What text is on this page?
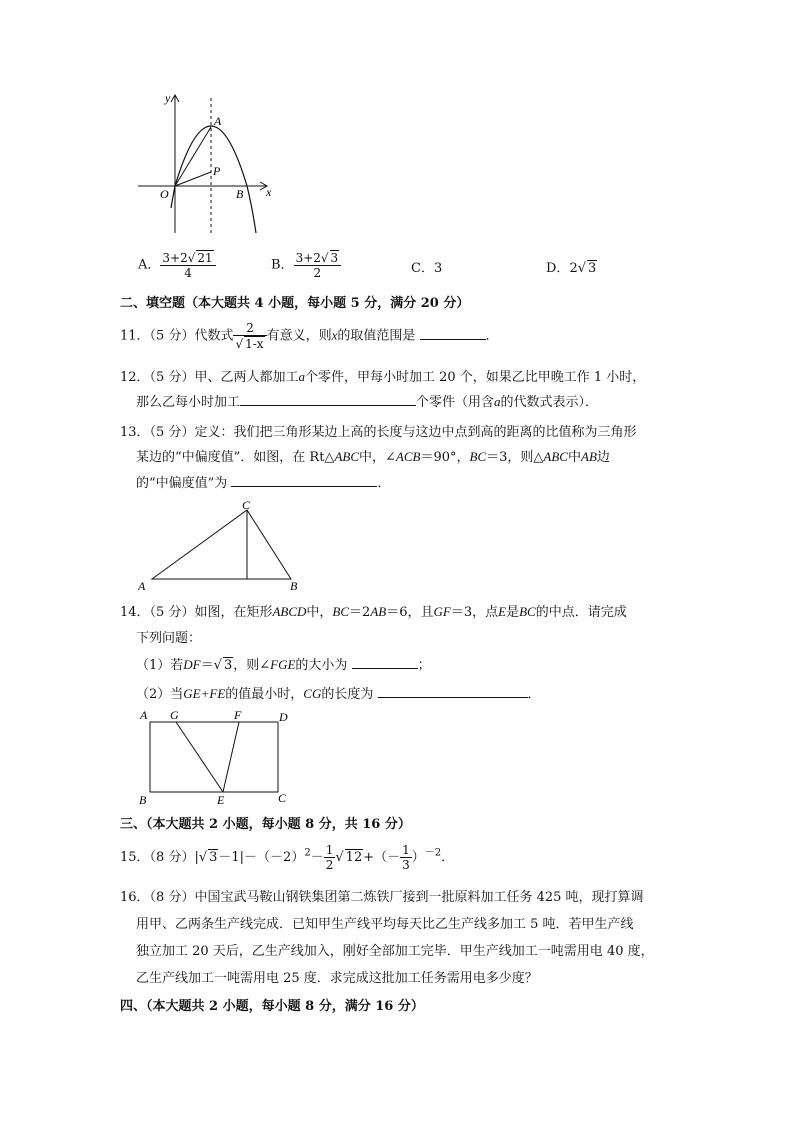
y
x
O
A
P
B
A． $\frac{3+2√ 21}{4}$	B． $\frac{3+2√ 3}{2}$	C．3	D．2√ 3
二、填空题（本大题共 4 小题，每小题 5 分，满分 20 分）
11．（5 分）代数式 $\frac{2}{√ 1-x}$ 有意义，则x的取值范围是	．
12．（5 分）甲、乙两人都加工a个零件，甲每小时加工 20 个，如果乙比甲晚工作 1 小时，
那么乙每小时加工	个零件（用含a的代数式表示）．
13．（5 分）定义：我们把三角形某边上高的长度与这边中点到高的距离的比值称为三角形
某边的“中偏度值”．如图，在 Rt△ABC中，∠ACB＝90°，BC＝3，则△ABC中AB边
的“中偏度值”为	．
A	B
C
14．（5 分）如图，在矩形ABCD中，BC＝2AB＝6，且GF＝3，点E是BC的中点．请完成
下列问题：
（1）若DF＝√ 3，则∠FGE的大小为	；
（2）当GE+FE的值最小时，CG的长度为	．
A G	F	D
B	E	C
三、（本大题共 2 小题，每小题 8 分，共 16 分）
15．（8 分）|√ $3-1|-(-2)^2- \frac{1}{2}$ √ $12+(- \frac{1}{3} )^{-2}$．
16．（8 分）中国宝武马鞍山钢铁集团第二炼铁厂接到一批原料加工任务 425 吨，现打算调
用甲、乙两条生产线完成．已知甲生产线平均每天比乙生产线多加工 5 吨．若甲生产线
独立加工 20 天后，乙生产线加入，刚好全部加工完毕．甲生产线加工一吨需用电 40 度，
乙生产线加工一吨需用电 25 度．求完成这批加工任务需用电多少度？
四、（本大题共 2 小题，每小题 8 分，满分 16 分）
